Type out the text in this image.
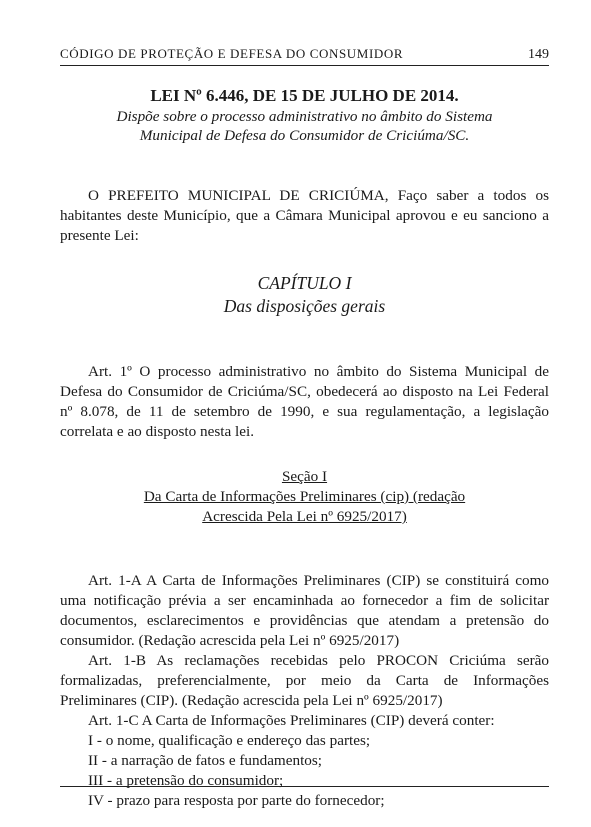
CÓDIGO DE PROTEÇÃO E DEFESA DO CONSUMIDOR	149

LEI Nº 6.446, DE 15 DE JULHO DE 2014.

Dispõe sobre o processo administrativo no âmbito do Sistema
Municipal de Defesa do Consumidor de Criciúma/SC.

O PREFEITO MUNICIPAL DE CRICIÚMA, Faço saber a todos os habitantes deste Município, que a Câmara Municipal aprovou e eu sanciono a presente Lei:

CAPÍTULO I

Das disposições gerais

Art. 1º O processo administrativo no âmbito do Sistema Municipal de Defesa do Consumidor de Criciúma/SC, obedecerá ao disposto na Lei Federal nº 8.078, de 11 de setembro de 1990, e sua regulamentação, a legislação correlata e ao disposto nesta lei.

Seção I

Da Carta de Informações Preliminares (cip) (redação

Acrescida Pela Lei nº 6925/2017)

Art. 1-A A Carta de Informações Preliminares (CIP) se constituirá como uma notificação prévia a ser encaminhada ao fornecedor a fim de solicitar documentos, esclarecimentos e providências que atendam a pretensão do consumidor. (Redação acrescida pela Lei nº 6925/2017)

Art. 1-B As reclamações recebidas pelo PROCON Criciúma serão formalizadas, preferencialmente, por meio da Carta de Informações Preliminares (CIP). (Redação acrescida pela Lei nº 6925/2017)

Art. 1-C A Carta de Informações Preliminares (CIP) deverá conter:

I - o nome, qualificação e endereço das partes;

II - a narração de fatos e fundamentos;

III - a pretensão do consumidor;

IV - prazo para resposta por parte do fornecedor;
